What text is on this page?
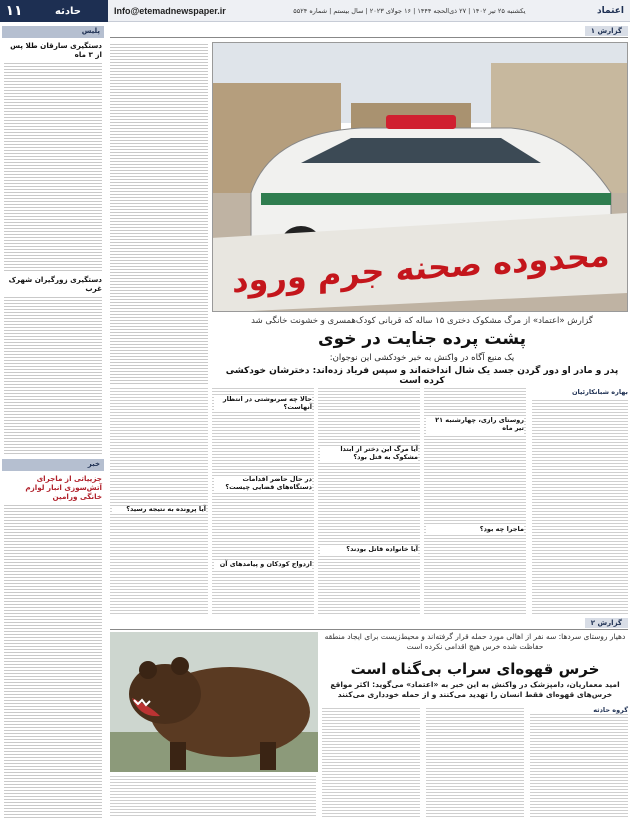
۱۱	حادثه	Info@etemadnewspaper.ir	یکشنبه ۲۵ تیر ۱۴۰۲ | ۲۷ ذی‌الحجه ۱۴۴۴ | ۱۶ جولای ۲۰۲۳ | سال بیستم | شماره ۵۵۲۴	اعتماد
پلیس
دستگیری سارقان طلا پس از ۳ ماه
دستگیری زورگیران شهرک غرب
خبر
جزییاتی از ماجرای آتش‌سوزی انبار لوازم خانگی ورامین
گزارش ۱
محدوده صحنه جرم ورود
گزارش «اعتماد» از مرگ مشکوک دختری ۱۵ ساله که قربانی کودک‌همسری و خشونت خانگی شد
پشت پرده جنایت در خوی
یک منبع آگاه در واکنش به خبر خودکشی این نوجوان:
پدر و مادر او دور گردن جسد یک شال انداخته‌اند و سپس فریاد زده‌اند: دخترشان خودکشی کرده است
بهاره شبانکارئیان
روستای رازی، چهارشنبه ۲۱ تیر ماه
ماجرا چه بود؟
آیا مرگ این دختر از ابتدا مشکوک به قتل بود؟
آیا خانواده قاتل بودند؟
حالا چه سرنوشتی در انتظار آنهاست؟
در حال حاضر اقدامات دستگاه‌های قضایی چیست؟
ازدواج کودکان و پیامدهای آن
آیا پرونده به نتیجه رسید؟
گزارش ۲
دهیار روستای سردها: سه نفر از اهالی مورد حمله قرار گرفته‌اند و محیط‌زیست برای ایجاد منطقه حفاظت شده خرس هیچ اقدامی نکرده است
خرس قهوه‌ای سراب بی‌گناه است
امید معماریان، دامپزشک در واکنش به این خبر به «اعتماد» می‌گوید: اکثر مواقع خرس‌های قهوه‌ای فقط انسان را تهدید می‌کنند و از حمله خودداری می‌کنند
گروه حادثه
